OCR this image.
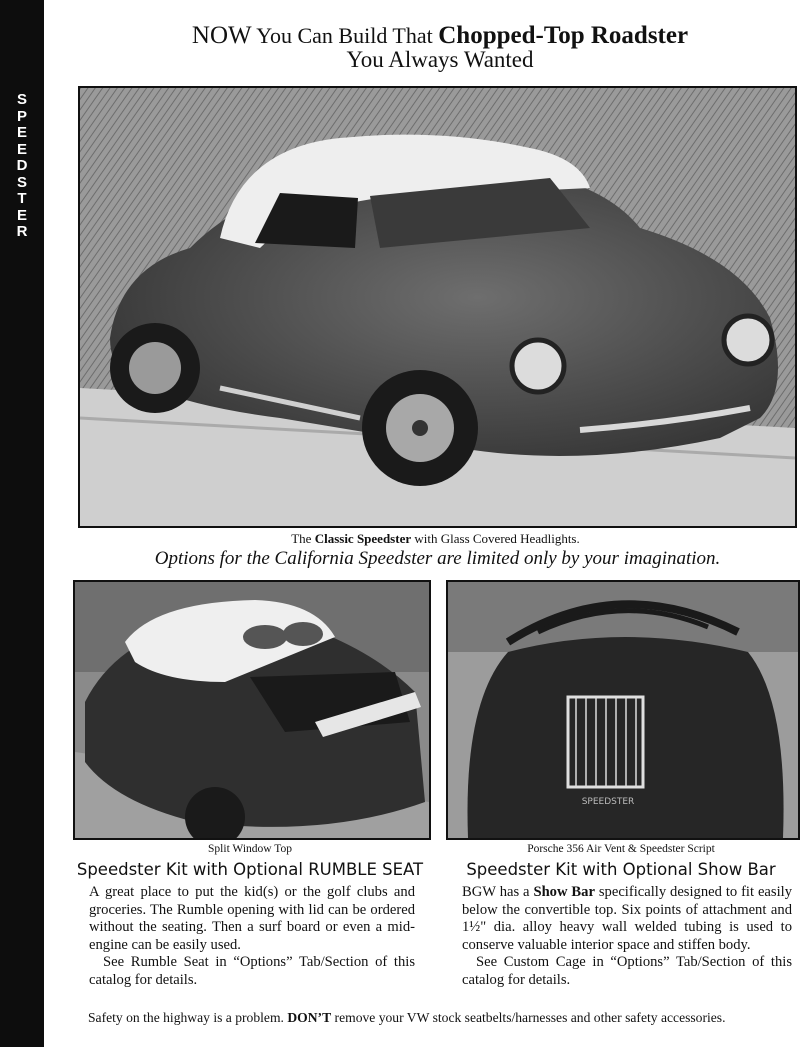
S
P
E
E
D
S
T
E
R
NOW You Can Build That Chopped-Top Roadster
You Always Wanted
The Classic Speedster with Glass Covered Headlights.
Options for the California Speedster are limited only by your imagination.
Split Window Top
SPEEDSTER
Porsche 356 Air Vent & Speedster Script
Speedster Kit with Optional RUMBLE SEAT

A great place to put the kid(s) or the golf clubs and groceries. The Rumble opening with lid can be ordered without the seating. Then a surf board or even a mid-engine can be easily used.

See Rumble Seat in “Options” Tab/Section of this catalog for details.

Speedster Kit with Optional Show Bar

BGW has a Show Bar specifically designed to fit easily below the convertible top. Six points of attachment and 1½" dia. alloy heavy wall welded tubing is used to conserve valuable interior space and stiffen body.

See Custom Cage in “Options” Tab/Section of this catalog for details.

Safety on the highway is a problem. DON’T remove your VW stock seatbelts/harnesses and other safety accessories.
